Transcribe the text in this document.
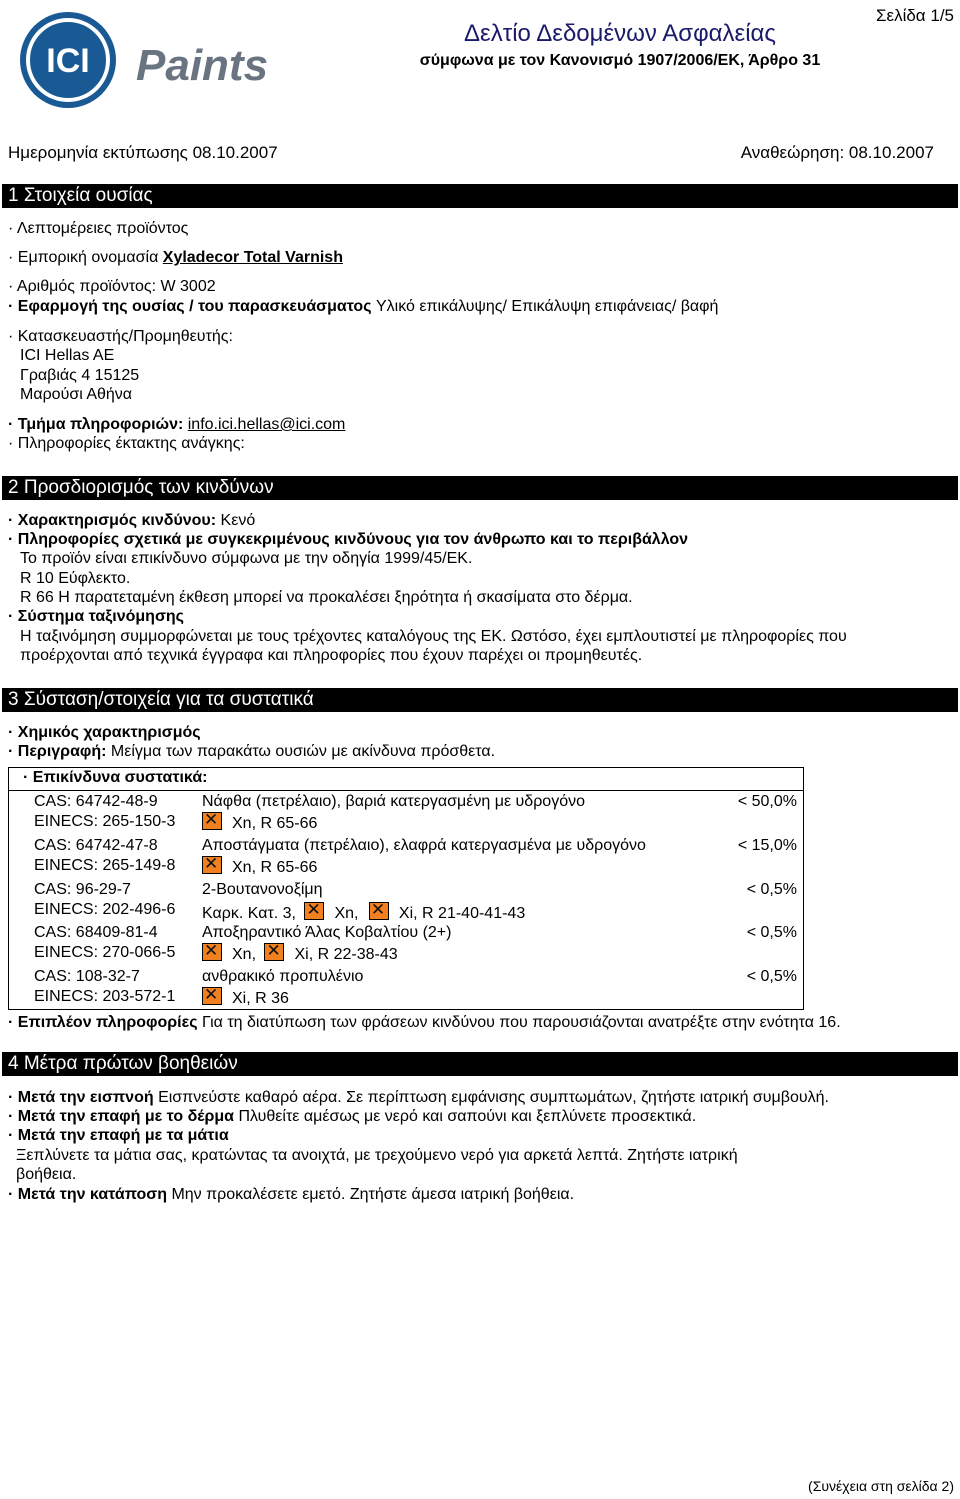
ICI Paints
Δελτίο Δεδομένων Ασφαλείας
σύμφωνα με τον Κανονισμό 1907/2006/ΕΚ, Άρθρο 31
Σελίδα 1/5
Ημερομηνία εκτύπωσης 08.10.2007	Αναθεώρηση: 08.10.2007
1 Στοιχεία ουσίας
· Λεπτομέρειες προϊόντος
· Εμπορική ονομασία Xyladecor Total Varnish
· Αριθμός προϊόντος: W 3002
· Εφαρμογή της ουσίας / του παρασκευάσματος Υλικό επικάλυψης/ Επικάλυψη επιφάνειας/ βαφή
· Κατασκευαστής/Προμηθευτής:
ICI Hellas AE
Γραβιάς 4 15125
Μαρούσι Αθήνα
· Τμήμα πληροφοριών: info.ici.hellas@ici.com
· Πληροφορίες έκτακτης ανάγκης:
2 Προσδιορισμός των κινδύνων
· Χαρακτηρισμός κινδύνου: Κενό
· Πληροφορίες σχετικά με συγκεκριμένους κινδύνους για τον άνθρωπο και το περιβάλλον
Το προϊόν είναι επικίνδυνο σύμφωνα με την οδηγία 1999/45/ΕΚ.
R 10 Εύφλεκτο.
R 66 Η παρατεταμένη έκθεση μπορεί να προκαλέσει ξηρότητα ή σκασίματα στο δέρμα.
· Σύστημα ταξινόμησης
Η ταξινόμηση συμμορφώνεται με τους τρέχοντες καταλόγους της ΕΚ. Ωστόσο, έχει εμπλουτιστεί με πληροφορίες που
προέρχονται από τεχνικά έγγραφα και πληροφορίες που έχουν παρέχει οι προμηθευτές.
3 Σύσταση/στοιχεία για τα συστατικά
· Χημικός χαρακτηρισμός
· Περιγραφή: Μείγμα των παρακάτω ουσιών με ακίνδυνα πρόσθετα.
· Επικίνδυνα συστατικά:
CAS: 64742-48-9
EINECS: 265-150-3
Νάφθα (πετρέλαιο), βαριά κατεργασμένη με υδρογόνο
✕Xn, R 65-66
< 50,0%
CAS: 64742-47-8
EINECS: 265-149-8
Αποστάγματα (πετρέλαιο), ελαφρά κατεργασμένα με υδρογόνο
✕Xn, R 65-66
< 15,0%
CAS: 96-29-7
EINECS: 202-496-6
2-Βουτανονοξίμη
Καρκ. Κατ. 3, ✕ Xn, ✕	Xi, R 21-40-41-43
< 0,5%
CAS: 68409-81-4
EINECS: 270-066-5
Αποξηραντικό Άλας Κοβαλτίου (2+)
✕Xn, ✕ Xi, R 22-38-43
< 0,5%
CAS: 108-32-7
EINECS: 203-572-1
ανθρακικό προπυλένιο
✕Xi, R 36
< 0,5%
· Επιπλέον πληροφορίες Για τη διατύπωση των φράσεων κινδύνου που παρουσιάζονται ανατρέξτε στην ενότητα 16.
4 Μέτρα πρώτων βοηθειών
· Μετά την εισπνοή Εισπνεύστε καθαρό αέρα. Σε περίπτωση εμφάνισης συμπτωμάτων, ζητήστε ιατρική συμβουλή.
· Μετά την επαφή με το δέρμα Πλυθείτε αμέσως με νερό και σαπούνι και ξεπλύνετε προσεκτικά.
· Μετά την επαφή με τα μάτια
Ξεπλύνετε τα μάτια σας, κρατώντας τα ανοιχτά, με τρεχούμενο νερό για αρκετά λεπτά. Ζητήστε ιατρική
βοήθεια.
· Μετά την κατάποση Μην προκαλέσετε εμετό. Ζητήστε άμεσα ιατρική βοήθεια.
(Συνέχεια στη σελίδα 2)
